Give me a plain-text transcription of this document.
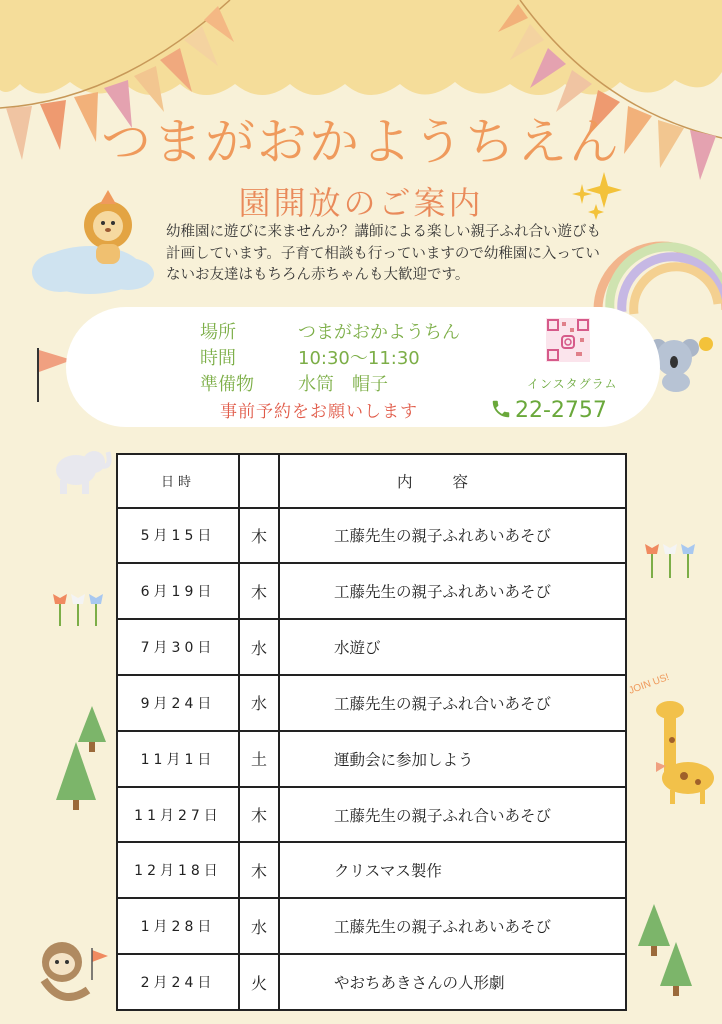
JOIN US!
つまがおかようちえん
園開放のご案内
幼稚園に遊びに来ませんか？講師による楽しい親子ふれ合い遊びも計画しています。子育て相談も行っていますので幼稚園に入っていないお友達はもちろん赤ちゃんも大歓迎です。
場所	つまがおかようちん
時間	10:30～11:30
準備物 水筒　帽子
事前予約をお願いします
インスタグラム
22-2757
日時		内容
5月15日	木	工藤先生の親子ふれあいあそび
6月19日	木	工藤先生の親子ふれあいあそび
7月30日	水	水遊び
9月24日	水	工藤先生の親子ふれ合いあそび
11月1日	土	運動会に参加しよう
11月27日	木	工藤先生の親子ふれ合いあそび
12月18日	木	クリスマス製作
1月28日	水	工藤先生の親子ふれあいあそび
2月24日	火	やおちあきさんの人形劇
